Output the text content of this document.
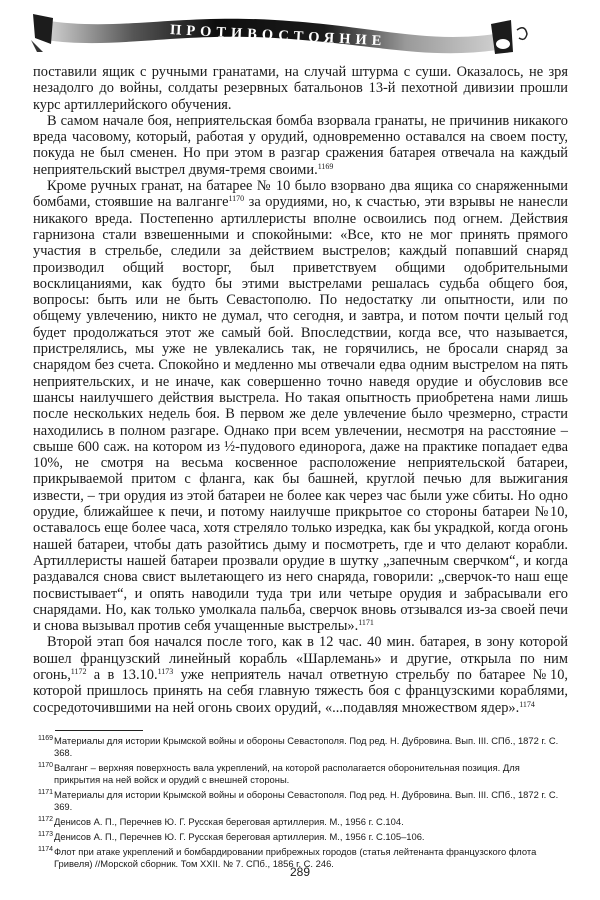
ПРОТИВОСТОЯНИЕ

поставили ящик с ручными гранатами, на случай штурма с суши. Оказалось, не зря незадолго до войны, солдаты резервных батальонов 13-й пехотной дивизии прошли курс артиллерийского обучения.

В самом начале боя, неприятельская бомба взорвала гранаты, не причинив никакого вреда часовому, который, работая у орудий, одновременно оставался на своем посту, покуда не был сменен. Но при этом в разгар сражения батарея отвечала на каждый неприятельский выстрел двумя-тремя своими.$^{1169}$

Кроме ручных гранат, на батарее № 10 было взорвано два ящика со снаряженными бомбами, стоявшие на валганге$^{1170}$ за орудиями, но, к счастью, эти взрывы не нанесли никакого вреда. Постепенно артиллеристы вполне освоились под огнем. Действия гарнизона стали взвешенными и спокойными: «Все, кто не мог принять прямого участия в стрельбе, следили за действием выстрелов; каждый попавший снаряд производил общий восторг, был приветствуем общими одобрительными восклицаниями, как будто бы этими выстрелами решалась судьба общего боя, вопросы: быть или не быть Севастополю. По недостатку ли опытности, или по общему увлечению, никто не думал, что сегодня, и завтра, и потом почти целый год будет продолжаться этот же самый бой. Впоследствии, когда все, что называется, пристрелялись, мы уже не увлекались так, не горячились, не бросали снаряд за снарядом без счета. Спокойно и медленно мы отвечали едва одним выстрелом на пять неприятельских, и не иначе, как совершенно точно наведя орудие и обусловив все шансы наилучшего действия выстрела. Но такая опытность приобретена нами лишь после нескольких недель боя. В первом же деле увлечение было чрезмерно, страсти находились в полном разгаре. Однако при всем увлечении, несмотря на расстояние – свыше 600 саж. на котором из ½-пудового единорога, даже на практике попадает едва 10%, не смотря на весьма косвенное расположение неприятельской батареи, прикрываемой притом с фланга, как бы башней, круглой печью для выжигания извести, – три орудия из этой батареи не более как через час были уже сбиты. Но одно орудие, ближайшее к печи, и потому наилучше прикрытое со стороны батареи №10, оставалось еще более часа, хотя стреляло только изредка, как бы украдкой, когда огонь нашей батареи, чтобы дать разойтись дыму и посмотреть, где и что делают корабли. Артиллеристы нашей батареи прозвали орудие в шутку „запечным сверчком“, и когда раздавался снова свист вылетающего из него снаряда, говорили: „сверчок-то наш еще посвистывает“, и опять наводили туда три или четыре орудия и забрасывали его снарядами. Но, как только умолкала пальба, сверчок вновь отзывался из-за своей печи и снова вызывал против себя учащенные выстрелы».$^{1171}$

Второй этап боя начался после того, как в 12 час. 40 мин. батарея, в зону которой вошел французский линейный корабль «Шарлемань» и другие, открыла по ним огонь,$^{1172}$ а в 13.10.$^{1173}$ уже неприятель начал ответную стрельбу по батарее №10, которой пришлось принять на себя главную тяжесть боя с французскими кораблями, сосредоточившими на ней огонь своих орудий, «...подавляя множеством ядер».$^{1174}$

1169 Материалы для истории Крымской войны и обороны Севастополя. Под ред. Н. Дубровина. Вып. III. СПб., 1872 г. С. 368.
1170 Валганг – верхняя поверхность вала укреплений, на которой располагается оборонительная позиция. Для прикрытия на ней войск и орудий с внешней стороны.
1171 Материалы для истории Крымской войны и обороны Севастополя. Под ред. Н. Дубровина. Вып. III. СПб., 1872 г. С. 369.
1172 Денисов А. П., Перечнев Ю. Г. Русская береговая артиллерия. М., 1956 г. С.104.
1173 Денисов А. П., Перечнев Ю. Г. Русская береговая артиллерия. М., 1956 г. С.105–106.
1174 Флот при атаке укреплений и бомбардировании прибрежных городов (статья лейтенанта французского флота Гривеля) //Морской сборник. Том XXII. № 7. СПб., 1856 г. С. 246.
289
